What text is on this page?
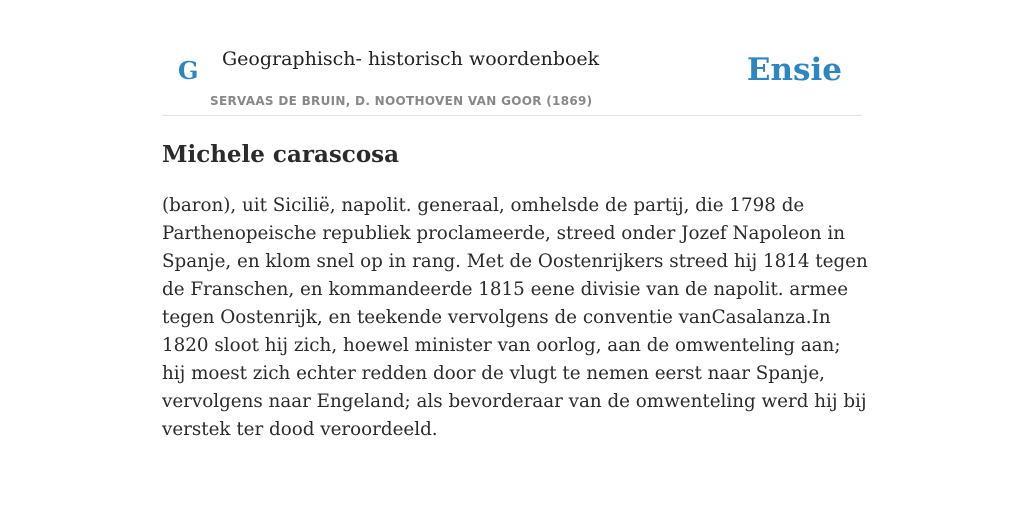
G Geographisch- historisch woordenboek
SERVAAS DE BRUIN, D. NOOTHOVEN VAN GOOR (1869)
Ensie
Michele carascosa

(baron), uit Sicilië, napolit. generaal, omhelsde de partij, die 1798 de Parthenopeische republiek proclameerde, streed onder Jozef Napoleon in Spanje, en klom snel op in rang. Met de Oostenrijkers streed hij 1814 tegen de Franschen, en kommandeerde 1815 eene divisie van de napolit. armee tegen Oostenrijk, en teekende vervolgens de conventie vanCasalanza.In 1820 sloot hij zich, hoewel minister van oorlog, aan de omwenteling aan; hij moest zich echter redden door de vlugt te nemen eerst naar Spanje, vervolgens naar Engeland; als bevorderaar van de omwenteling werd hij bij verstek ter dood veroordeeld.
